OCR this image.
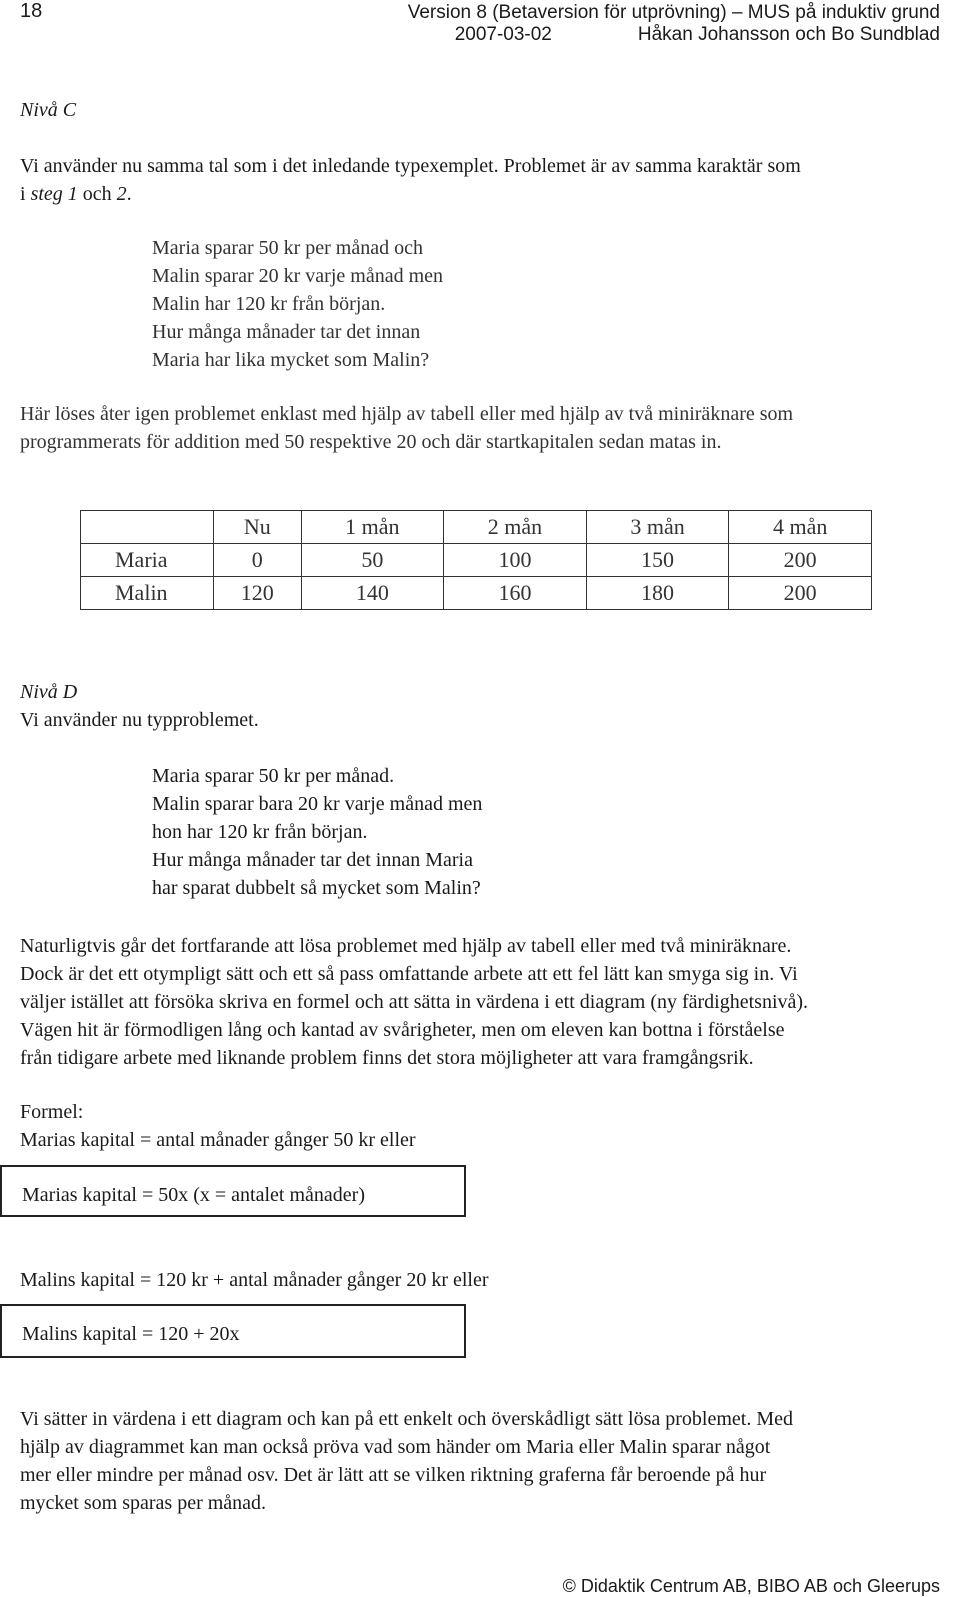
18	Version 8 (Betaversion för utprövning) – MUS på induktiv grund
2007-03-02	Håkan Johansson och Bo Sundblad
Nivå C
Vi använder nu samma tal som i det inledande typexemplet. Problemet är av samma karaktär som
i steg 1 och 2.
Maria sparar 50 kr per månad och
Malin sparar 20 kr varje månad men
Malin har 120 kr från början.
Hur många månader tar det innan
Maria har lika mycket som Malin?
Här löses åter igen problemet enklast med hjälp av tabell eller med hjälp av två miniräknare som
programmerats för addition med 50 respektive 20 och där startkapitalen sedan matas in.
	Nu	1 mån	2 mån	3 mån	4 mån
Maria	0	50	100	150	200
Malin	120	140	160	180	200
Nivå D
Vi använder nu typproblemet.
Maria sparar 50 kr per månad.
Malin sparar bara 20 kr varje månad men
hon har 120 kr från början.
Hur många månader tar det innan Maria
har sparat dubbelt så mycket som Malin?
Naturligtvis går det fortfarande att lösa problemet med hjälp av tabell eller med två miniräknare.
Dock är det ett otympligt sätt och ett så pass omfattande arbete att ett fel lätt kan smyga sig in. Vi
väljer istället att försöka skriva en formel och att sätta in värdena i ett diagram (ny färdighetsnivå).
Vägen hit är förmodligen lång och kantad av svårigheter, men om eleven kan bottna i förståelse
från tidigare arbete med liknande problem finns det stora möjligheter att vara framgångsrik.
Formel:
Marias kapital = antal månader gånger 50 kr eller
Marias kapital = 50x (x = antalet månader)
Malins kapital = 120 kr + antal månader gånger 20 kr eller
Malins kapital = 120 + 20x
Vi sätter in värdena i ett diagram och kan på ett enkelt och överskådligt sätt lösa problemet. Med
hjälp av diagrammet kan man också pröva vad som händer om Maria eller Malin sparar något
mer eller mindre per månad osv. Det är lätt att se vilken riktning graferna får beroende på hur
mycket som sparas per månad.
© Didaktik Centrum AB, BIBO AB och Gleerups
